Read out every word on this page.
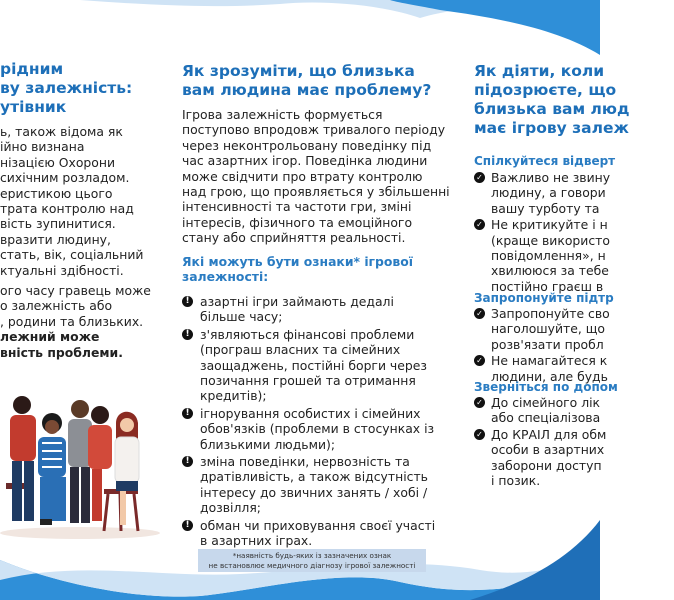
рідним
ву залежність:
утівник
ь, також відома як
ійно визнана
нізацією Охорони
сихічним розладом.
еристикою цього
трата контролю над
вість зупинитися.
вразити людину,
стать, вік, соціальний
ктуальні здібності.
ого часу гравець може
о залежність або
, родини та близьких.
лежний може
вність проблеми.
Як зрозуміти, що близька
вам людина має проблему?
Ігрова залежність формується
поступово впродовж тривалого періоду
через неконтрольовану поведінку під
час азартних ігор. Поведінка людини
може свідчити про втрату контролю
над грою, що проявляється у збільшенні
інтенсивності та частоти гри, зміні
інтересів, фізичного та емоційного
стану або сприйняття реальності.
Які можуть бути ознаки* ігрової
залежності:
! азартні ігри займають дедалі
більше часу;
! з'являються фінансові проблеми
(програш власних та сімейних
заощаджень, постійні борги через
позичання грошей та отримання
кредитів);
! ігнорування особистих і сімейних
обов'язків (проблеми в стосунках із
близькими людьми);
! зміна поведінки, нервозність та
дратівливість, а також відсутність
інтересу до звичних занять / хобі /
дозвілля;
! обман чи приховування своєї участі
в азартних іграх.
*наявність будь-яких із зазначених ознак
не встановлює медичного діагнозу ігрової залежності
Як діяти, коли
підозрюєте, що
близька вам люд
має ігрову залеж
Спілкуйтеся відверт
✓ Важливо не звину
людину, а говори
вашу турботу та
✓ Не критикуйте і н
(краще використо
повідомлення», н
хвилююся за тебе
постійно граєш в
Запропонуйте підтр
✓ Запропонуйте сво
наголошуйте, що
розв'язати пробл
✓ Не намагайтеся к
людини, але будь
Зверніться по допом
✓ До сімейного лік
або спеціалізова
✓ До КРАІЛ для обм
особи в азартних
заборони доступ
і позик.
